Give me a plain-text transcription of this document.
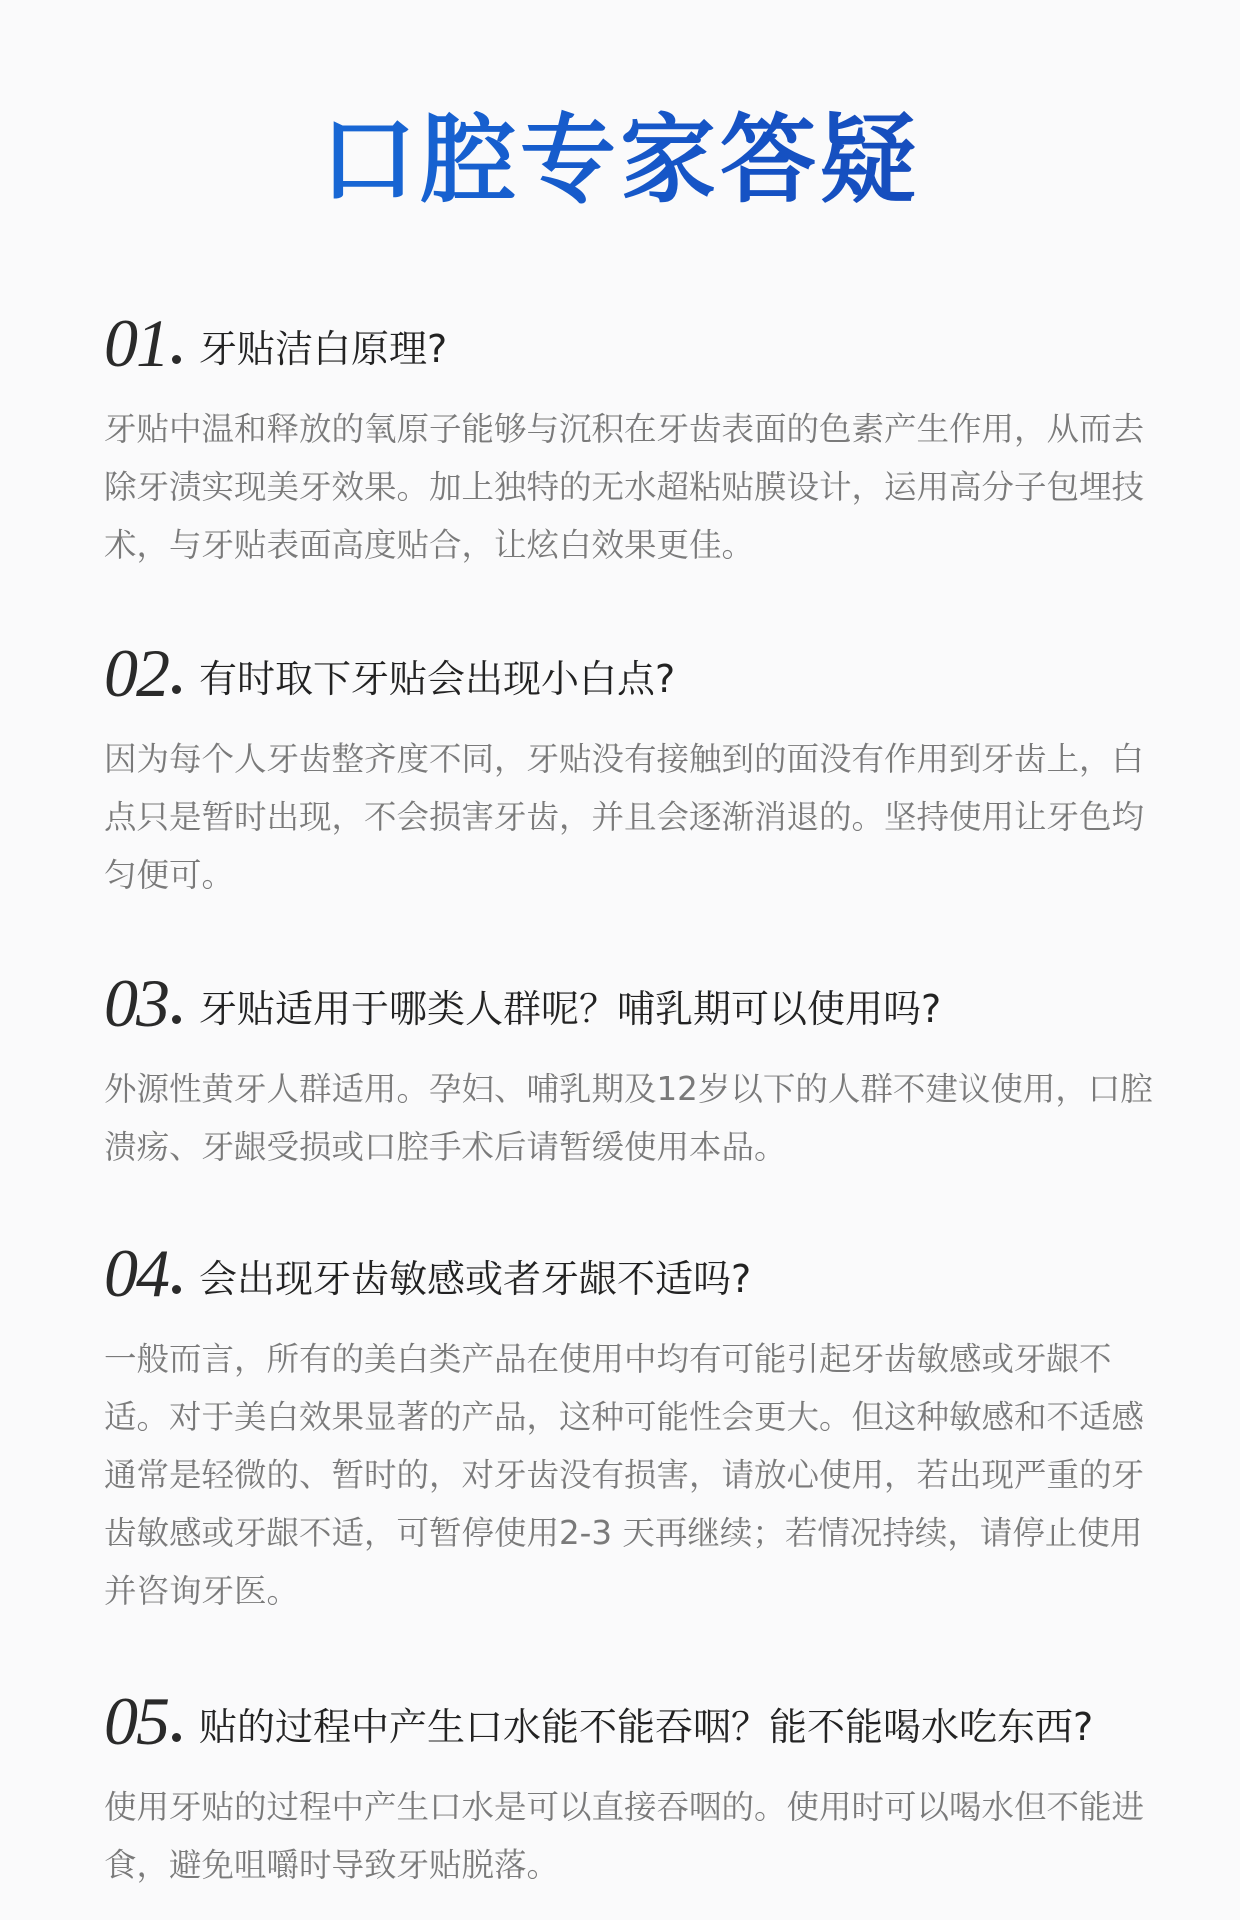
口腔专家答疑
01 牙贴洁白原理?
牙贴中温和释放的氧原子能够与沉积在牙齿表面的色素产生作用，从而去除牙渍实现美牙效果。加上独特的无水超粘贴膜设计，运用高分子包埋技术，与牙贴表面高度贴合，让炫白效果更佳。
02 有时取下牙贴会出现小白点?
因为每个人牙齿整齐度不同，牙贴没有接触到的面没有作用到牙齿上，白点只是暂时出现，不会损害牙齿，并且会逐渐消退的。坚持使用让牙色均匀便可。
03 牙贴适用于哪类人群呢？哺乳期可以使用吗?
外源性黄牙人群适用。孕妇、哺乳期及12岁以下的人群不建议使用，口腔溃疡、牙龈受损或口腔手术后请暂缓使用本品。
04 会出现牙齿敏感或者牙龈不适吗?
一般而言，所有的美白类产品在使用中均有可能引起牙齿敏感或牙龈不适。对于美白效果显著的产品，这种可能性会更大。但这种敏感和不适感通常是轻微的、暂时的，对牙齿没有损害，请放心使用，若出现严重的牙齿敏感或牙龈不适，可暂停使用2-3 天再继续；若情况持续，请停止使用并咨询牙医。
05 贴的过程中产生口水能不能吞咽？能不能喝水吃东西?
使用牙贴的过程中产生口水是可以直接吞咽的。使用时可以喝水但不能进食，避免咀嚼时导致牙贴脱落。
